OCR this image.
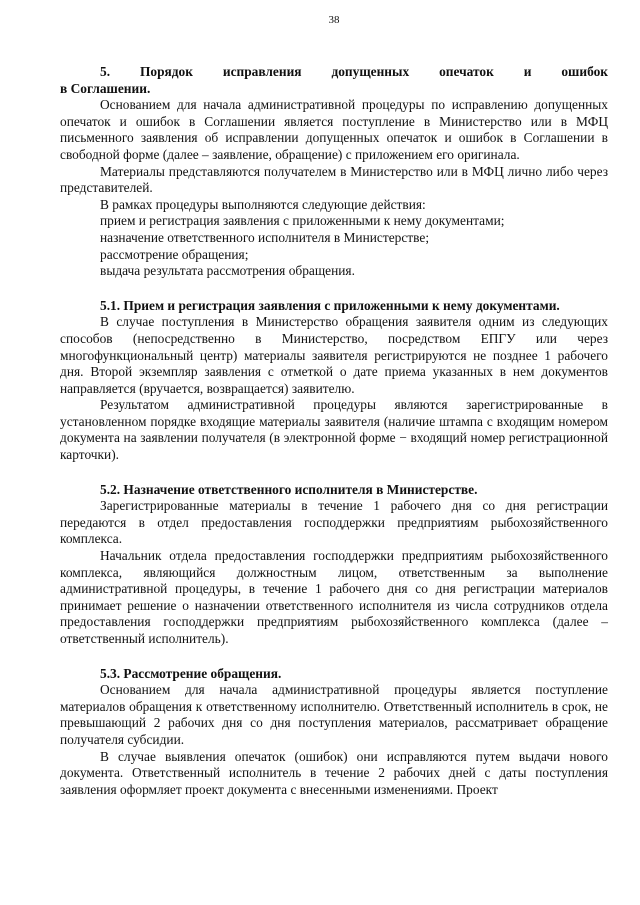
38

5. Порядок исправления допущенных опечаток и ошибок

в Соглашении.

Основанием для начала административной процедуры по исправлению допущенных опечаток и ошибок в Соглашении является поступление в Министерство или в МФЦ письменного заявления об исправлении допущенных опечаток и ошибок в Соглашении в свободной форме (далее – заявление, обращение) с приложением его оригинала.

Материалы представляются получателем в Министерство или в МФЦ лично либо через представителей.

В рамках процедуры выполняются следующие действия:

прием и регистрация заявления с приложенными к нему документами;

назначение ответственного исполнителя в Министерстве;

рассмотрение обращения;

выдача результата рассмотрения обращения.

5.1. Прием и регистрация заявления с приложенными к нему документами.

В случае поступления в Министерство обращения заявителя одним из следующих способов (непосредственно в Министерство, посредством ЕПГУ или через многофункциональный центр) материалы заявителя регистрируются не позднее 1 рабочего дня. Второй экземпляр заявления с отметкой о дате приема указанных в нем документов направляется (вручается, возвращается) заявителю.

Результатом административной процедуры являются зарегистрированные в установленном порядке входящие материалы заявителя (наличие штампа с входящим номером документа на заявлении получателя (в электронной форме − входящий номер регистрационной карточки).

5.2. Назначение ответственного исполнителя в Министерстве.

Зарегистрированные материалы в течение 1 рабочего дня со дня регистрации передаются в отдел предоставления господдержки предприятиям рыбохозяйственного комплекса.

Начальник отдела предоставления господдержки предприятиям рыбохозяйственного комплекса, являющийся должностным лицом, ответственным за выполнение административной процедуры, в течение 1 рабочего дня со дня регистрации материалов принимает решение о назначении ответственного исполнителя из числа сотрудников отдела предоставления господдержки предприятиям рыбохозяйственного комплекса (далее – ответственный исполнитель).

5.3. Рассмотрение обращения.

Основанием для начала административной процедуры является поступление материалов обращения к ответственному исполнителю. Ответственный исполнитель в срок, не превышающий 2 рабочих дня со дня поступления материалов, рассматривает обращение получателя субсидии.

В случае выявления опечаток (ошибок) они исправляются путем выдачи нового документа. Ответственный исполнитель в течение 2 рабочих дней с даты поступления заявления оформляет проект документа с внесенными изменениями. Проект
